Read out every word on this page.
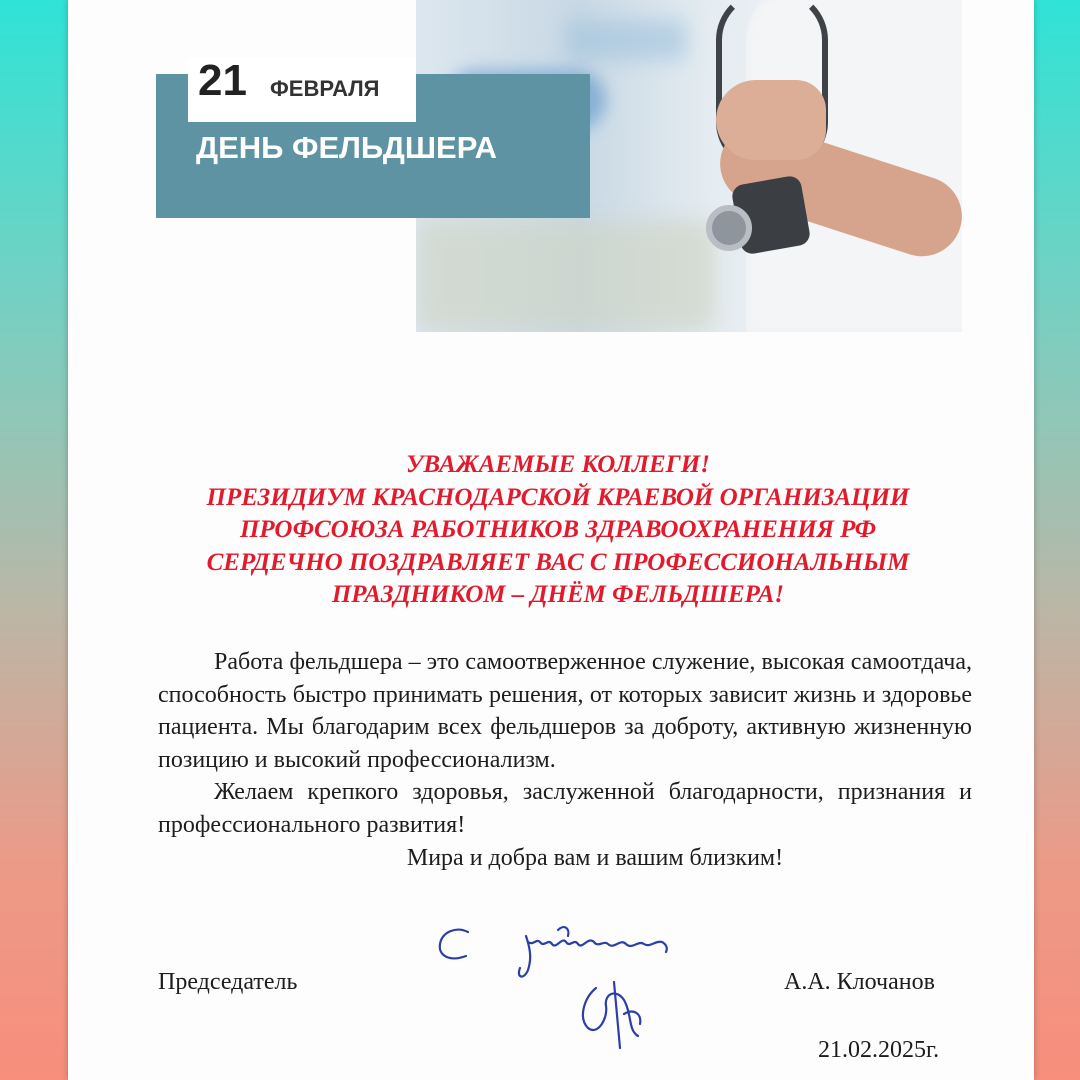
21 ФЕВРАЛЯ
ДЕНЬ ФЕЛЬДШЕРА
УВАЖАЕМЫЕ КОЛЛЕГИ!
ПРЕЗИДИУМ КРАСНОДАРСКОЙ КРАЕВОЙ ОРГАНИЗАЦИИ
ПРОФСОЮЗА РАБОТНИКОВ ЗДРАВООХРАНЕНИЯ РФ
СЕРДЕЧНО ПОЗДРАВЛЯЕТ ВАС С ПРОФЕССИОНАЛЬНЫМ
ПРАЗДНИКОМ – ДНЁМ ФЕЛЬДШЕРА!

Работа фельдшера – это самоотверженное служение, высокая самоотдача, способность быстро принимать решения, от которых зависит жизнь и здоровье пациента. Мы благодарим всех фельдшеров за доброту, активную жизненную позицию и высокий профессионализм.

Желаем крепкого здоровья, заслуженной благодарности, признания и профессионального развития!

Мира и добра вам и вашим близким!

Председатель	А.А. Клочанов
21.02.2025г.
